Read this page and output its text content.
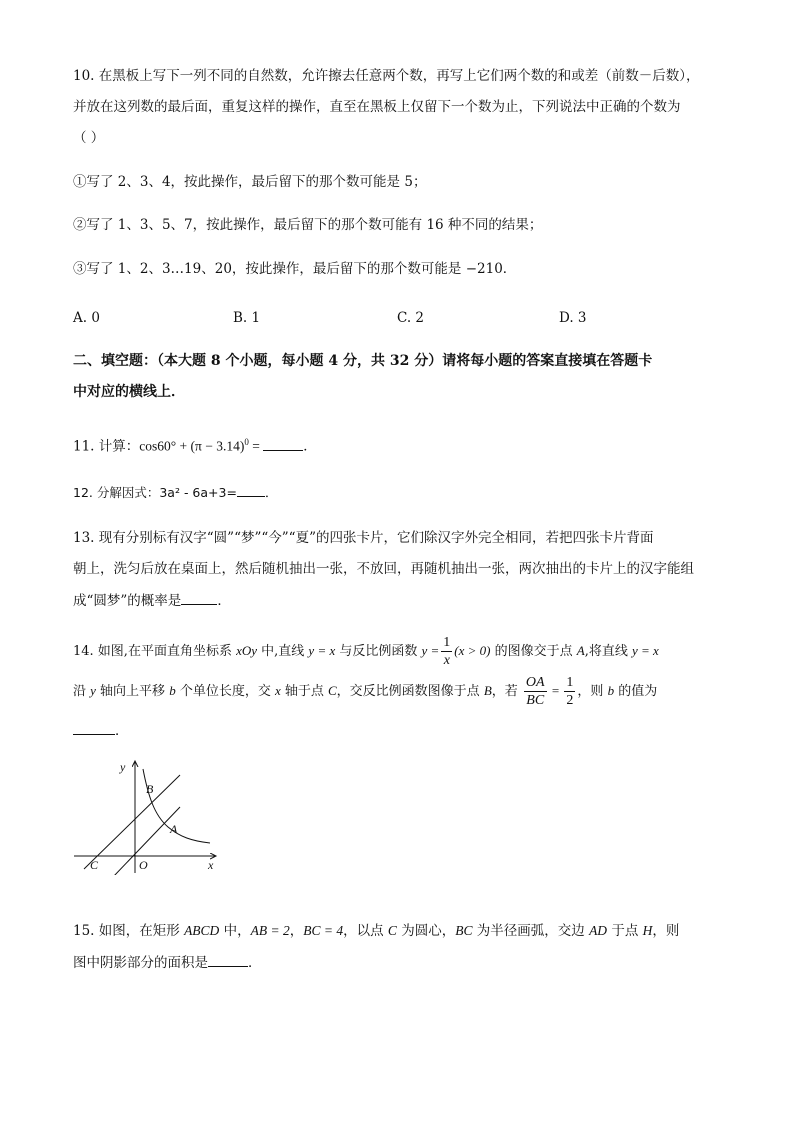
10. 在黑板上写下一列不同的自然数，允许擦去任意两个数，再写上它们两个数的和或差（前数－后数），
并放在这列数的最后面，重复这样的操作，直至在黑板上仅留下一个数为止，下列说法中正确的个数为
（ ）
①写了 2、3、4，按此操作，最后留下的那个数可能是 5；
②写了 1、3、5、7，按此操作，最后留下的那个数可能有 16 种不同的结果；
③写了 1、2、3…19、20，按此操作，最后留下的那个数可能是 −210．
A. 0	B. 1	C. 2	D. 3
二、填空题：（本大题 8 个小题，每小题 4 分，共 32 分）请将每小题的答案直接填在答题卡
中对应的横线上．
11. 计算：$\cos 60^\circ + (\pi - 3.14)^0$ =	．
12. 分解因式：3a² - 6a+3= ．
13. 现有分别标有汉字“圆”“梦”“今”“夏”的四张卡片，它们除汉字外完全相同，若把四张卡片背面
朝上，洗匀后放在桌面上，然后随机抽出一张，不放回，再随机抽出一张，两次抽出的卡片上的汉字能组
成“圆梦”的概率是	．
14. 如图,在平面直角坐标系 xOy 中,直线 y = x 与反比例函数 $y = \frac{1}{x} (x > 0)$ 的图像交于点 A,将直线 y = x
沿 y 轴向上平移 b 个单位长度，交 x 轴于点 C，交反比例函数图像于点 B，若 $\frac{OA}{BC} = \frac{1}{2}$ ，则 b 的值为
．
y
x
O
A
B
C
15. 如图，在矩形 ABCD 中，AB = 2，BC = 4，以点 C 为圆心，BC 为半径画弧，交边 AD 于点 H，则
图中阴影部分的面积是	．
